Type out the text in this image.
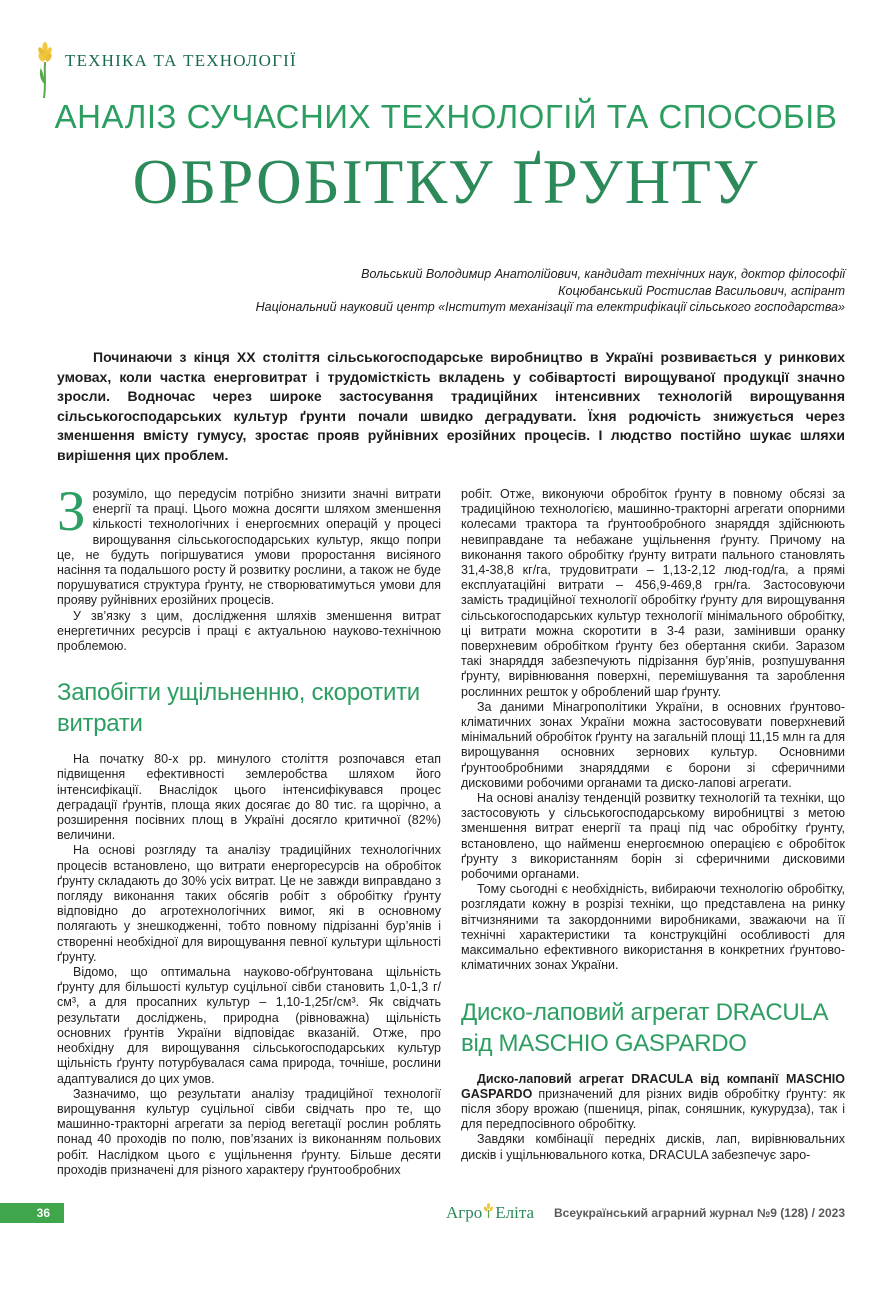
ТЕХНІКА ТА ТЕХНОЛОГІЇ
АНАЛІЗ СУЧАСНИХ ТЕХНОЛОГІЙ ТА СПОСОБІВ
ОБРОБІТКУ ҐРУНТУ
Вольський Володимир Анатолійович, кандидат технічних наук, доктор філософії
Коцюбанський Ростислав Васильович, аспірант
Національний науковий центр «Інститут механізації та електрифікації сільського господарства»

Починаючи з кінця ХХ століття сільськогосподарське виробництво в Україні розвивається у ринкових умовах, коли частка енерговитрат і трудомісткість вкладень у собівартості вирощуваної продукції значно зросли. Водночас через широке застосування традиційних інтенсивних технологій вирощування сільськогосподарських культур ґрунти почали швидко деградувати. Їхня родючість знижується через зменшення вмісту гумусу, зростає прояв руйнівних ерозійних процесів. І людство постійно шукає шляхи вирішення цих проблем.

Зрозуміло, що передусім потрібно знизити значні витрати енергії та праці. Цього можна досягти шляхом зменшення кількості технологічних і енергоємних операцій у процесі вирощування сільськогосподарських культур, якщо попри це, не будуть погіршуватися умови проростання висіяного насіння та подальшого росту й розвитку рослини, а також не буде порушуватися структура ґрунту, не створюватимуться умови для прояву руйнівних ерозійних процесів.

У зв’язку з цим, дослідження шляхів зменшення витрат енергетичних ресурсів і праці є актуальною науково-технічною проблемою.

Запобігти ущільненню, скоротити витрати

На початку 80-х рр. минулого століття розпочався етап підвищення ефективності землеробства шляхом його інтенсифікації. Внаслідок цього інтенсифікувався процес деградації ґрунтів, площа яких досягає до 80 тис. га щорічно, а розширення посівних площ в Україні досягло критичної (82%) величини.

На основі розгляду та аналізу традиційних технологічних процесів встановлено, що витрати енергоресурсів на обробіток ґрунту складають до 30% усіх витрат. Це не завжди виправдано з погляду виконання таких обсягів робіт з обробітку ґрунту відповідно до агротехнологічних вимог, які в основному полягають у знешкодженні, тобто повному підрізанні бур’янів і створенні необхідної для вирощування певної культури щільності ґрунту.

Відомо, що оптимальна науково-обґрунтована щільність ґрунту для більшості культур суцільної сівби становить 1,0-1,3 г/см³, а для просапних культур – 1,10-1,25г/см³. Як свідчать результати досліджень, природна (рівноважна) щільність основних ґрунтів України відповідає вказаній. Отже, про необхідну для вирощування сільськогосподарських культур щільність ґрунту потурбувалася сама природа, точніше, рослини адаптувалися до цих умов.

Зазначимо, що результати аналізу традиційної технології вирощування культур суцільної сівби свідчать про те, що машинно-тракторні агрегати за період вегетації рослин роблять понад 40 проходів по полю, пов’язаних із виконанням польових робіт. Наслідком цього є ущільнення ґрунту. Більше десяти проходів призначені для різного характеру ґрунтообробних

робіт. Отже, виконуючи обробіток ґрунту в повному обсязі за традиційною технологією, машинно-тракторні агрегати опорними колесами трактора та ґрунтообробного знаряддя здійснюють невиправдане та небажане ущільнення ґрунту. Причому на виконання такого обробітку ґрунту витрати пального становлять 31,4-38,8 кг/га, трудовитрати – 1,13-2,12 люд-год/га, а прямі експлуатаційні витрати – 456,9-469,8 грн/га. Застосовуючи замість традиційної технології обробітку ґрунту для вирощування сільськогосподарських культур технології мінімального обробітку, ці витрати можна скоротити в 3-4 рази, замінивши оранку поверхневим обробітком ґрунту без обертання скиби. Заразом такі знаряддя забезпечують підрізання бур’янів, розпушування ґрунту, вирівнювання поверхні, перемішування та зароблення рослинних решток у оброблений шар ґрунту.

За даними Мінагрополітики України, в основних ґрунтово-кліматичних зонах України можна застосовувати поверхневий мінімальний обробіток ґрунту на загальній площі 11,15 млн га для вирощування основних зернових культур. Основними ґрунтообробними знаряддями є борони зі сферичними дисковими робочими органами та диско-лапові агрегати.

На основі аналізу тенденцій розвитку технологій та техніки, що застосовують у сільськогосподарському виробництві з метою зменшення витрат енергії та праці під час обробітку ґрунту, встановлено, що найменш енергоємною операцією є обробіток ґрунту з використанням борін зі сферичними дисковими робочими органами.

Тому сьогодні є необхідність, вибираючи технологію обробітку, розглядати кожну в розрізі техніки, що представлена на ринку вітчизняними та закордонними виробниками, зважаючи на її технічні характеристики та конструкційні особливості для максимально ефективного використання в конкретних ґрунтово-кліматичних зонах України.

Диско-лаповий агрегат DRACULA від MASCHIO GASPARDO

Диско-лаповий агрегат DRACULA від компанії MASCHIO GASPARDO призначений для різних видів обробітку ґрунту: як після збору врожаю (пшениця, ріпак, соняшник, кукурудза), так і для передпосівного обробітку.

Завдяки комбінації передніх дисків, лап, вирівнювальних дисків і ущільнювального котка, DRACULA забезпечує заро-

36	Агро Еліта Всеукраїнський аграрний журнал №9 (128) / 2023
